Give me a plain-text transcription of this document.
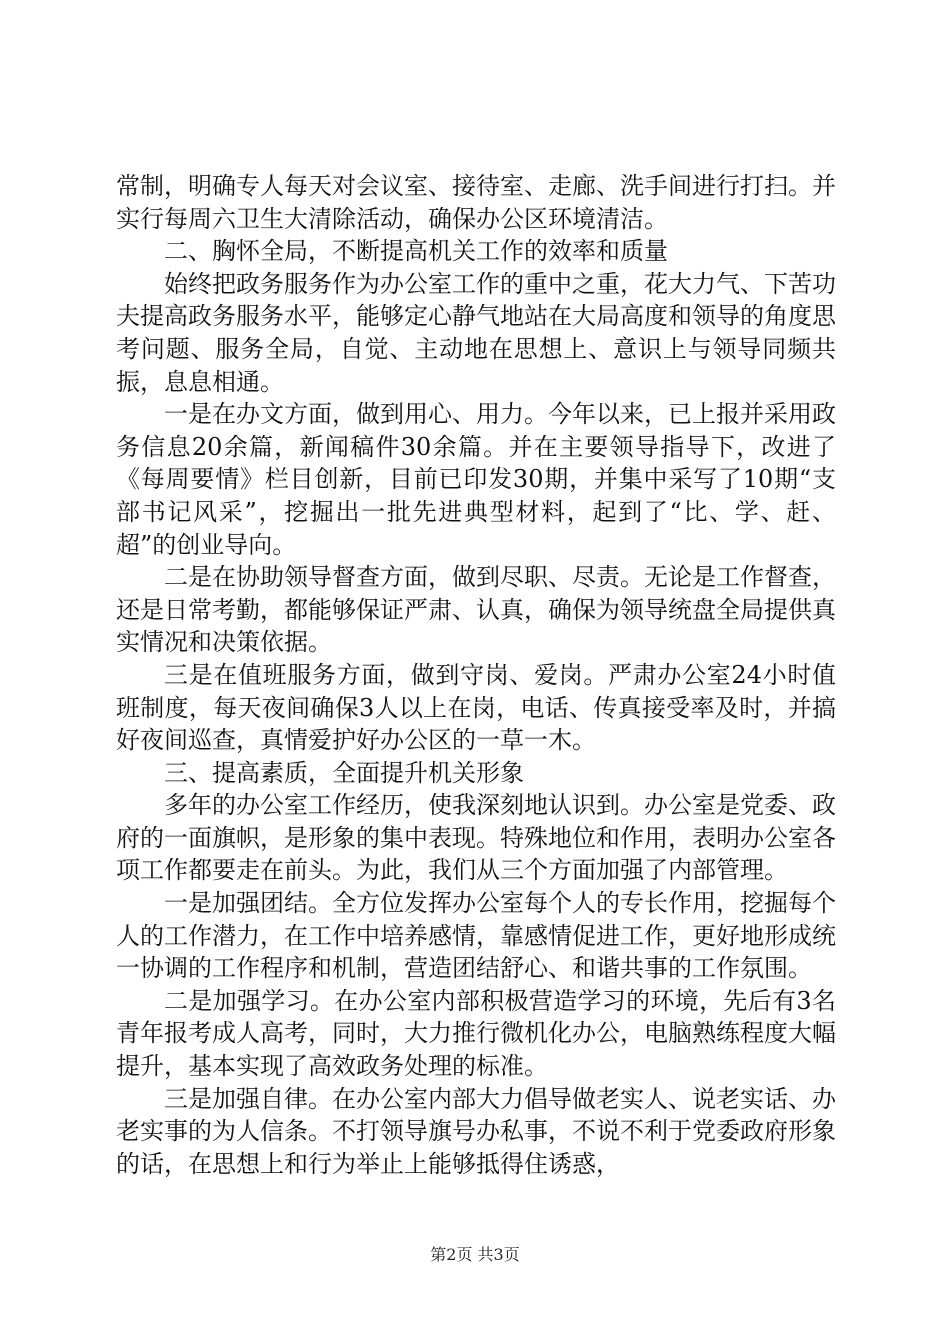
常制，明确专人每天对会议室、接待室、走廊、洗手间进行打扫。并实行每周六卫生大清除活动，确保办公区环境清洁。

二、胸怀全局，不断提高机关工作的效率和质量

始终把政务服务作为办公室工作的重中之重，花大力气、下苦功夫提高政务服务水平，能够定心静气地站在大局高度和领导的角度思考问题、服务全局，自觉、主动地在思想上、意识上与领导同频共振，息息相通。

一是在办文方面，做到用心、用力。今年以来，已上报并采用政务信息20余篇，新闻稿件30余篇。并在主要领导指导下，改进了《每周要情》栏目创新，目前已印发30期，并集中采写了10期“支部书记风采”，挖掘出一批先进典型材料，起到了“比、学、赶、超”的创业导向。

二是在协助领导督查方面，做到尽职、尽责。无论是工作督查，还是日常考勤，都能够保证严肃、认真，确保为领导统盘全局提供真实情况和决策依据。

三是在值班服务方面，做到守岗、爱岗。严肃办公室24小时值班制度，每天夜间确保3人以上在岗，电话、传真接受率及时，并搞好夜间巡查，真情爱护好办公区的一草一木。

三、提高素质，全面提升机关形象

多年的办公室工作经历，使我深刻地认识到。办公室是党委、政府的一面旗帜，是形象的集中表现。特殊地位和作用，表明办公室各项工作都要走在前头。为此，我们从三个方面加强了内部管理。

一是加强团结。全方位发挥办公室每个人的专长作用，挖掘每个人的工作潜力，在工作中培养感情，靠感情促进工作，更好地形成统一协调的工作程序和机制，营造团结舒心、和谐共事的工作氛围。

二是加强学习。在办公室内部积极营造学习的环境，先后有3名青年报考成人高考，同时，大力推行微机化办公，电脑熟练程度大幅提升，基本实现了高效政务处理的标准。

三是加强自律。在办公室内部大力倡导做老实人、说老实话、办老实事的为人信条。不打领导旗号办私事，不说不利于党委政府形象的话，在思想上和行为举止上能够抵得住诱惑，

第2页 共3页
